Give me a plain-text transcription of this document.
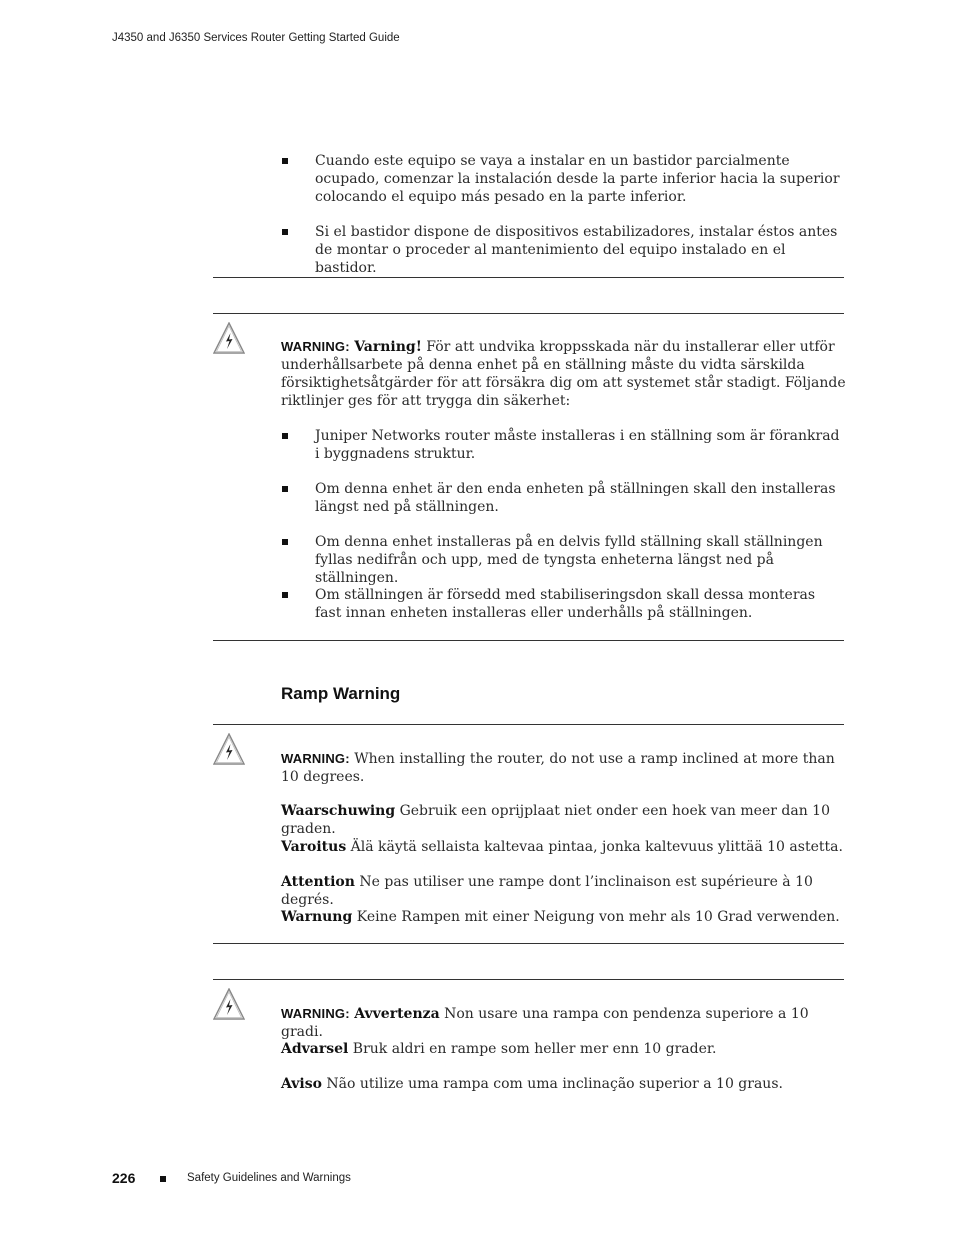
J4350 and J6350 Services Router Getting Started Guide
Cuando este equipo se vaya a instalar en un bastidor parcialmente ocupado, comenzar la instalación desde la parte inferior hacia la superior colocando el equipo más pesado en la parte inferior.
Si el bastidor dispone de dispositivos estabilizadores, instalar éstos antes de montar o proceder al mantenimiento del equipo instalado en el bastidor.
WARNING: Varning! För att undvika kroppsskada när du installerar eller utför underhållsarbete på denna enhet på en ställning måste du vidta särskilda försiktighetsåtgärder för att försäkra dig om att systemet står stadigt. Följande riktlinjer ges för att trygga din säkerhet:
Juniper Networks router måste installeras i en ställning som är förankrad i byggnadens struktur.
Om denna enhet är den enda enheten på ställningen skall den installeras längst ned på ställningen.
Om denna enhet installeras på en delvis fylld ställning skall ställningen fyllas nedifrån och upp, med de tyngsta enheterna längst ned på ställningen.
Om ställningen är försedd med stabiliseringsdon skall dessa monteras fast innan enheten installeras eller underhålls på ställningen.
Ramp Warning
WARNING: When installing the router, do not use a ramp inclined at more than 10 degrees.
Waarschuwing Gebruik een oprijplaat niet onder een hoek van meer dan 10 graden.
Varoitus Älä käytä sellaista kaltevaa pintaa, jonka kaltevuus ylittää 10 astetta.
Attention Ne pas utiliser une rampe dont l’inclinaison est supérieure à 10 degrés.
Warnung Keine Rampen mit einer Neigung von mehr als 10 Grad verwenden.
WARNING: Avvertenza Non usare una rampa con pendenza superiore a 10 gradi.
Advarsel Bruk aldri en rampe som heller mer enn 10 grader.
Aviso Não utilize uma rampa com uma inclinação superior a 10 graus.
226	Safety Guidelines and Warnings
